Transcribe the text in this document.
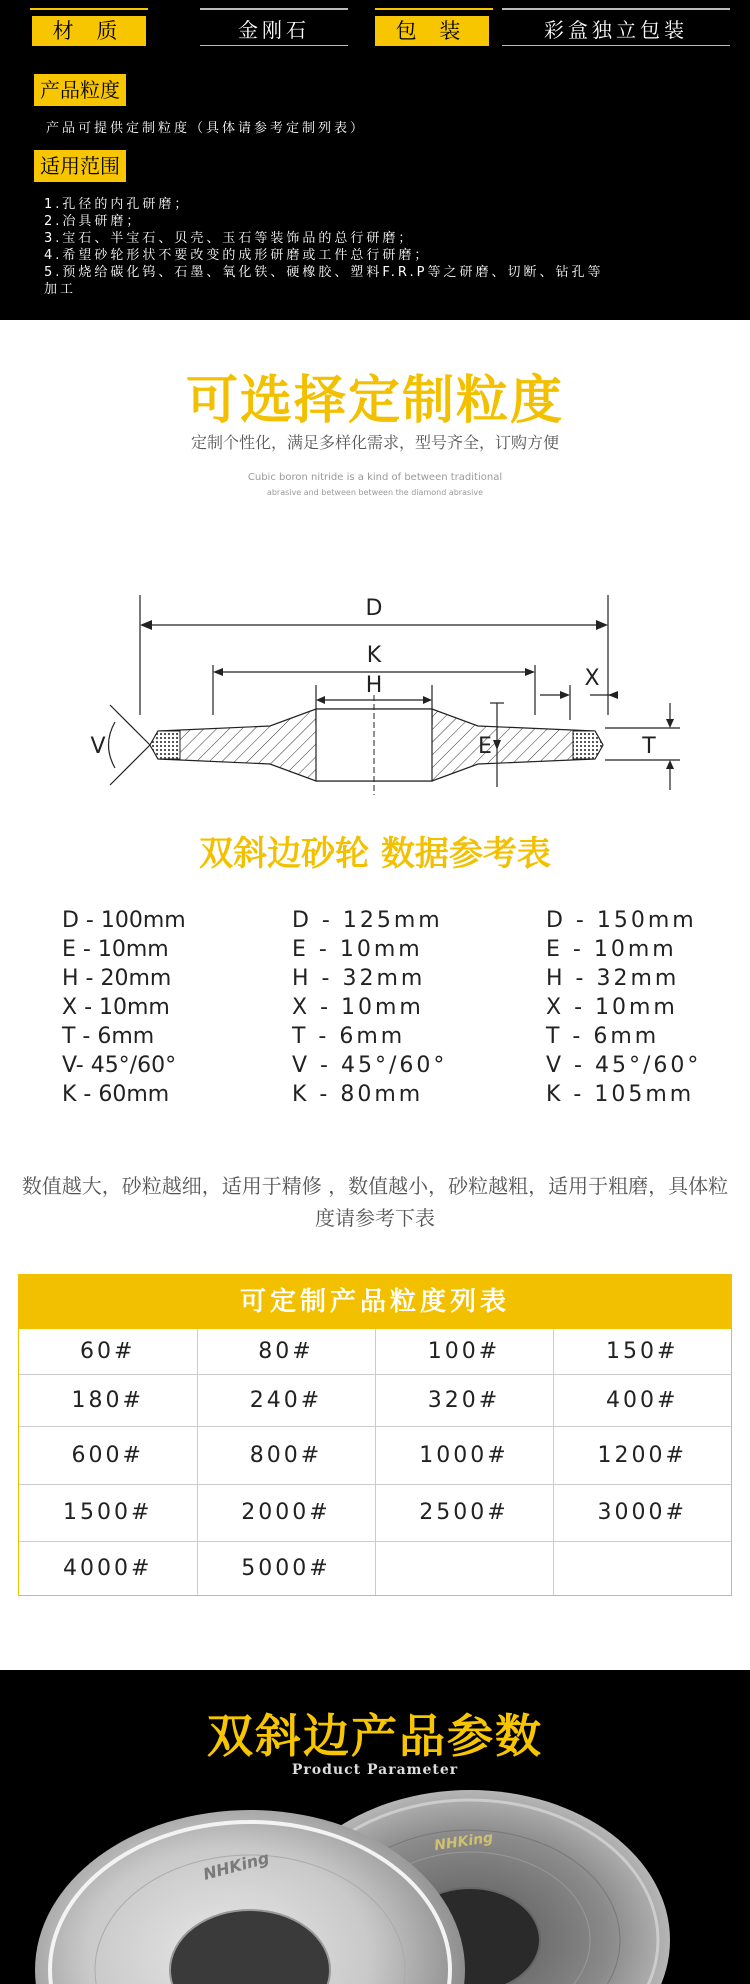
材 质	金刚石	包 装	彩盒独立包装
产品粒度
产品可提供定制粒度（具体请参考定制列表）
适用范围
1.孔径的内孔研磨；
2.冶具研磨；
3.宝石、半宝石、贝壳、玉石等装饰品的总行研磨；
4.希望砂轮形状不要改变的成形研磨或工件总行研磨；
5.预烧给碳化钨、石墨、氧化铁、硬橡胶、塑料F.R.P等之研磨、切断、钻孔等
加工
可选择定制粒度
定制个性化，满足多样化需求，型号齐全，订购方便
Cubic boron nitride is a kind of between traditional
abrasive and between between the diamond abrasive
D
K
H	X
V	E	T
双斜边砂轮 数据参考表
D - 100mm
E - 10mm
H - 20mm
X - 10mm
T - 6mm
V- 45°/60°
K - 60mm
D - 125mm
E - 10mm
H - 32mm
X - 10mm
T - 6mm
V - 45°/60°
K - 80mm
D - 150mm
E - 10mm
H - 32mm
X - 10mm
T - 6mm
V - 45°/60°
K - 105mm
数值越大，砂粒越细，适用于精修 ，数值越小，砂粒越粗，适用于粗磨，具体粒度请参考下表
可定制产品粒度列表
60#	80#	100#	150#
180#	240#	320#	400#
600#	800#	1000#	1200#
1500#	2000#	2500#	3000#
4000#	5000#		
双斜边产品参数
Product Parameter
NHKing
NHKing
